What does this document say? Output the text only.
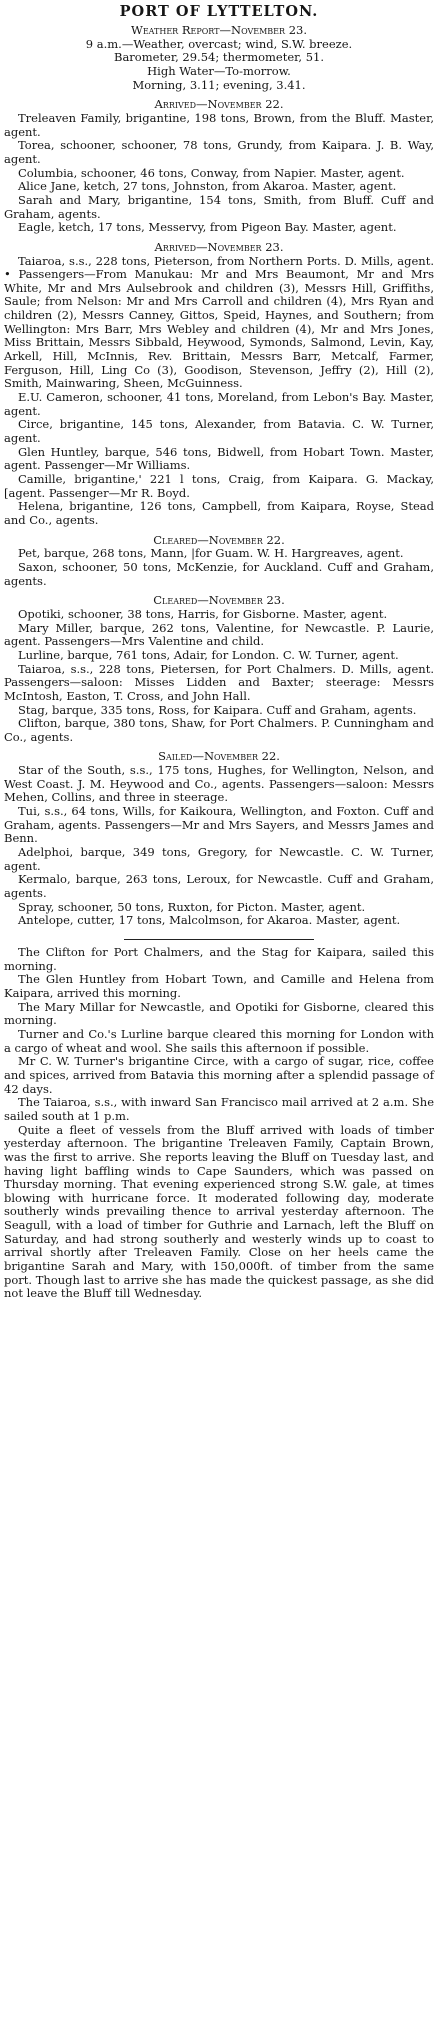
PORT OF LYTTELTON.
Weather Report—November 23.
9 a.m.—Weather, overcast; wind, S.W. breeze.
Barometer, 29.54; thermometer, 51.
High Water—To-morrow.
Morning, 3.11; evening, 3.41.
Arrived—November 22.

Treleaven Family, brigantine, 198 tons, Brown, from the Bluff. Master, agent.

Torea, schooner, schooner, 78 tons, Grundy, from Kaipara. J. B. Way, agent.

Columbia, schooner, 46 tons, Conway, from Napier. Master, agent.

Alice Jane, ketch, 27 tons, Johnston, from Akaroa. Master, agent.

Sarah and Mary, brigantine, 154 tons, Smith, from Bluff. Cuff and Graham, agents.

Eagle, ketch, 17 tons, Messervy, from Pigeon Bay. Master, agent.

Arrived—November 23.

Taiaroa, s.s., 228 tons, Pieterson, from Northern Ports. D. Mills, agent. • Passengers—From Manukau: Mr and Mrs Beaumont, Mr and Mrs White, Mr and Mrs Aulsebrook and children (3), Messrs Hill, Griffiths, Saule; from Nelson: Mr and Mrs Carroll and children (4), Mrs Ryan and children (2), Messrs Canney, Gittos, Speid, Haynes, and Southern; from Wellington: Mrs Barr, Mrs Webley and children (4), Mr and Mrs Jones, Miss Brittain, Messrs Sibbald, Heywood, Symonds, Salmond, Levin, Kay, Arkell, Hill, McInnis, Rev. Brittain, Messrs Barr, Metcalf, Farmer, Ferguson, Hill, Ling Co (3), Goodison, Stevenson, Jeffry (2), Hill (2), Smith, Mainwaring, Sheen, McGuinness.

E.U. Cameron, schooner, 41 tons, Moreland, from Lebon's Bay. Master, agent.

Circe, brigantine, 145 tons, Alexander, from Batavia. C. W. Turner, agent.

Glen Huntley, barque, 546 tons, Bidwell, from Hobart Town. Master, agent. Passenger—Mr Williams.

Camille, brigantine,' 221 l tons, Craig, from Kaipara. G. Mackay, [agent. Passenger—Mr R. Boyd.

Helena, brigantine, 126 tons, Campbell, from Kaipara, Royse, Stead and Co., agents.

Cleared—November 22.

Pet, barque, 268 tons, Mann, |for Guam. W. H. Hargreaves, agent.

Saxon, schooner, 50 tons, McKenzie, for Auckland. Cuff and Graham, agents.

Cleared—November 23.

Opotiki, schooner, 38 tons, Harris, for Gisborne. Master, agent.

Mary Miller, barque, 262 tons, Valentine, for Newcastle. P. Laurie, agent. Passengers—Mrs Valentine and child.

Lurline, barque, 761 tons, Adair, for London. C. W. Turner, agent.

Taiaroa, s.s., 228 tons, Pietersen, for Port Chalmers. D. Mills, agent. Passengers—saloon: Misses Lidden and Baxter; steerage: Messrs McIntosh, Easton, T. Cross, and John Hall.

Stag, barque, 335 tons, Ross, for Kaipara. Cuff and Graham, agents.

Clifton, barque, 380 tons, Shaw, for Port Chalmers. P. Cunningham and Co., agents.

Sailed—November 22.

Star of the South, s.s., 175 tons, Hughes, for Wellington, Nelson, and West Coast. J. M. Heywood and Co., agents. Passengers—saloon: Messrs Mehen, Collins, and three in steerage.

Tui, s.s., 64 tons, Wills, for Kaikoura, Wellington, and Foxton. Cuff and Graham, agents. Passengers—Mr and Mrs Sayers, and Messrs James and Benn.

Adelphoi, barque, 349 tons, Gregory, for Newcastle. C. W. Turner, agent.

Kermalo, barque, 263 tons, Leroux, for Newcastle. Cuff and Graham, agents.

Spray, schooner, 50 tons, Ruxton, for Picton. Master, agent.

Antelope, cutter, 17 tons, Malcolmson, for Akaroa. Master, agent.

The Clifton for Port Chalmers, and the Stag for Kaipara, sailed this morning.

The Glen Huntley from Hobart Town, and Camille and Helena from Kaipara, arrived this morning.

The Mary Millar for Newcastle, and Opotiki for Gisborne, cleared this morning.

Turner and Co.'s Lurline barque cleared this morning for London with a cargo of wheat and wool. She sails this afternoon if possible.

Mr C. W. Turner's brigantine Circe, with a cargo of sugar, rice, coffee and spices, arrived from Batavia this morning after a splendid passage of 42 days.

The Taiaroa, s.s., with inward San Francisco mail arrived at 2 a.m. She sailed south at 1 p.m.

Quite a fleet of vessels from the Bluff arrived with loads of timber yesterday afternoon. The brigantine Treleaven Family, Captain Brown, was the first to arrive. She reports leaving the Bluff on Tuesday last, and having light baffling winds to Cape Saunders, which was passed on Thursday morning. That evening experienced strong S.W. gale, at times blowing with hurricane force. It moderated following day, moderate southerly winds prevailing thence to arrival yesterday afternoon. The Seagull, with a load of timber for Guthrie and Larnach, left the Bluff on Saturday, and had strong southerly and westerly winds up to coast to arrival shortly after Treleaven Family. Close on her heels came the brigantine Sarah and Mary, with 150,000ft. of timber from the same port. Though last to arrive she has made the quickest passage, as she did not leave the Bluff till Wednesday.
